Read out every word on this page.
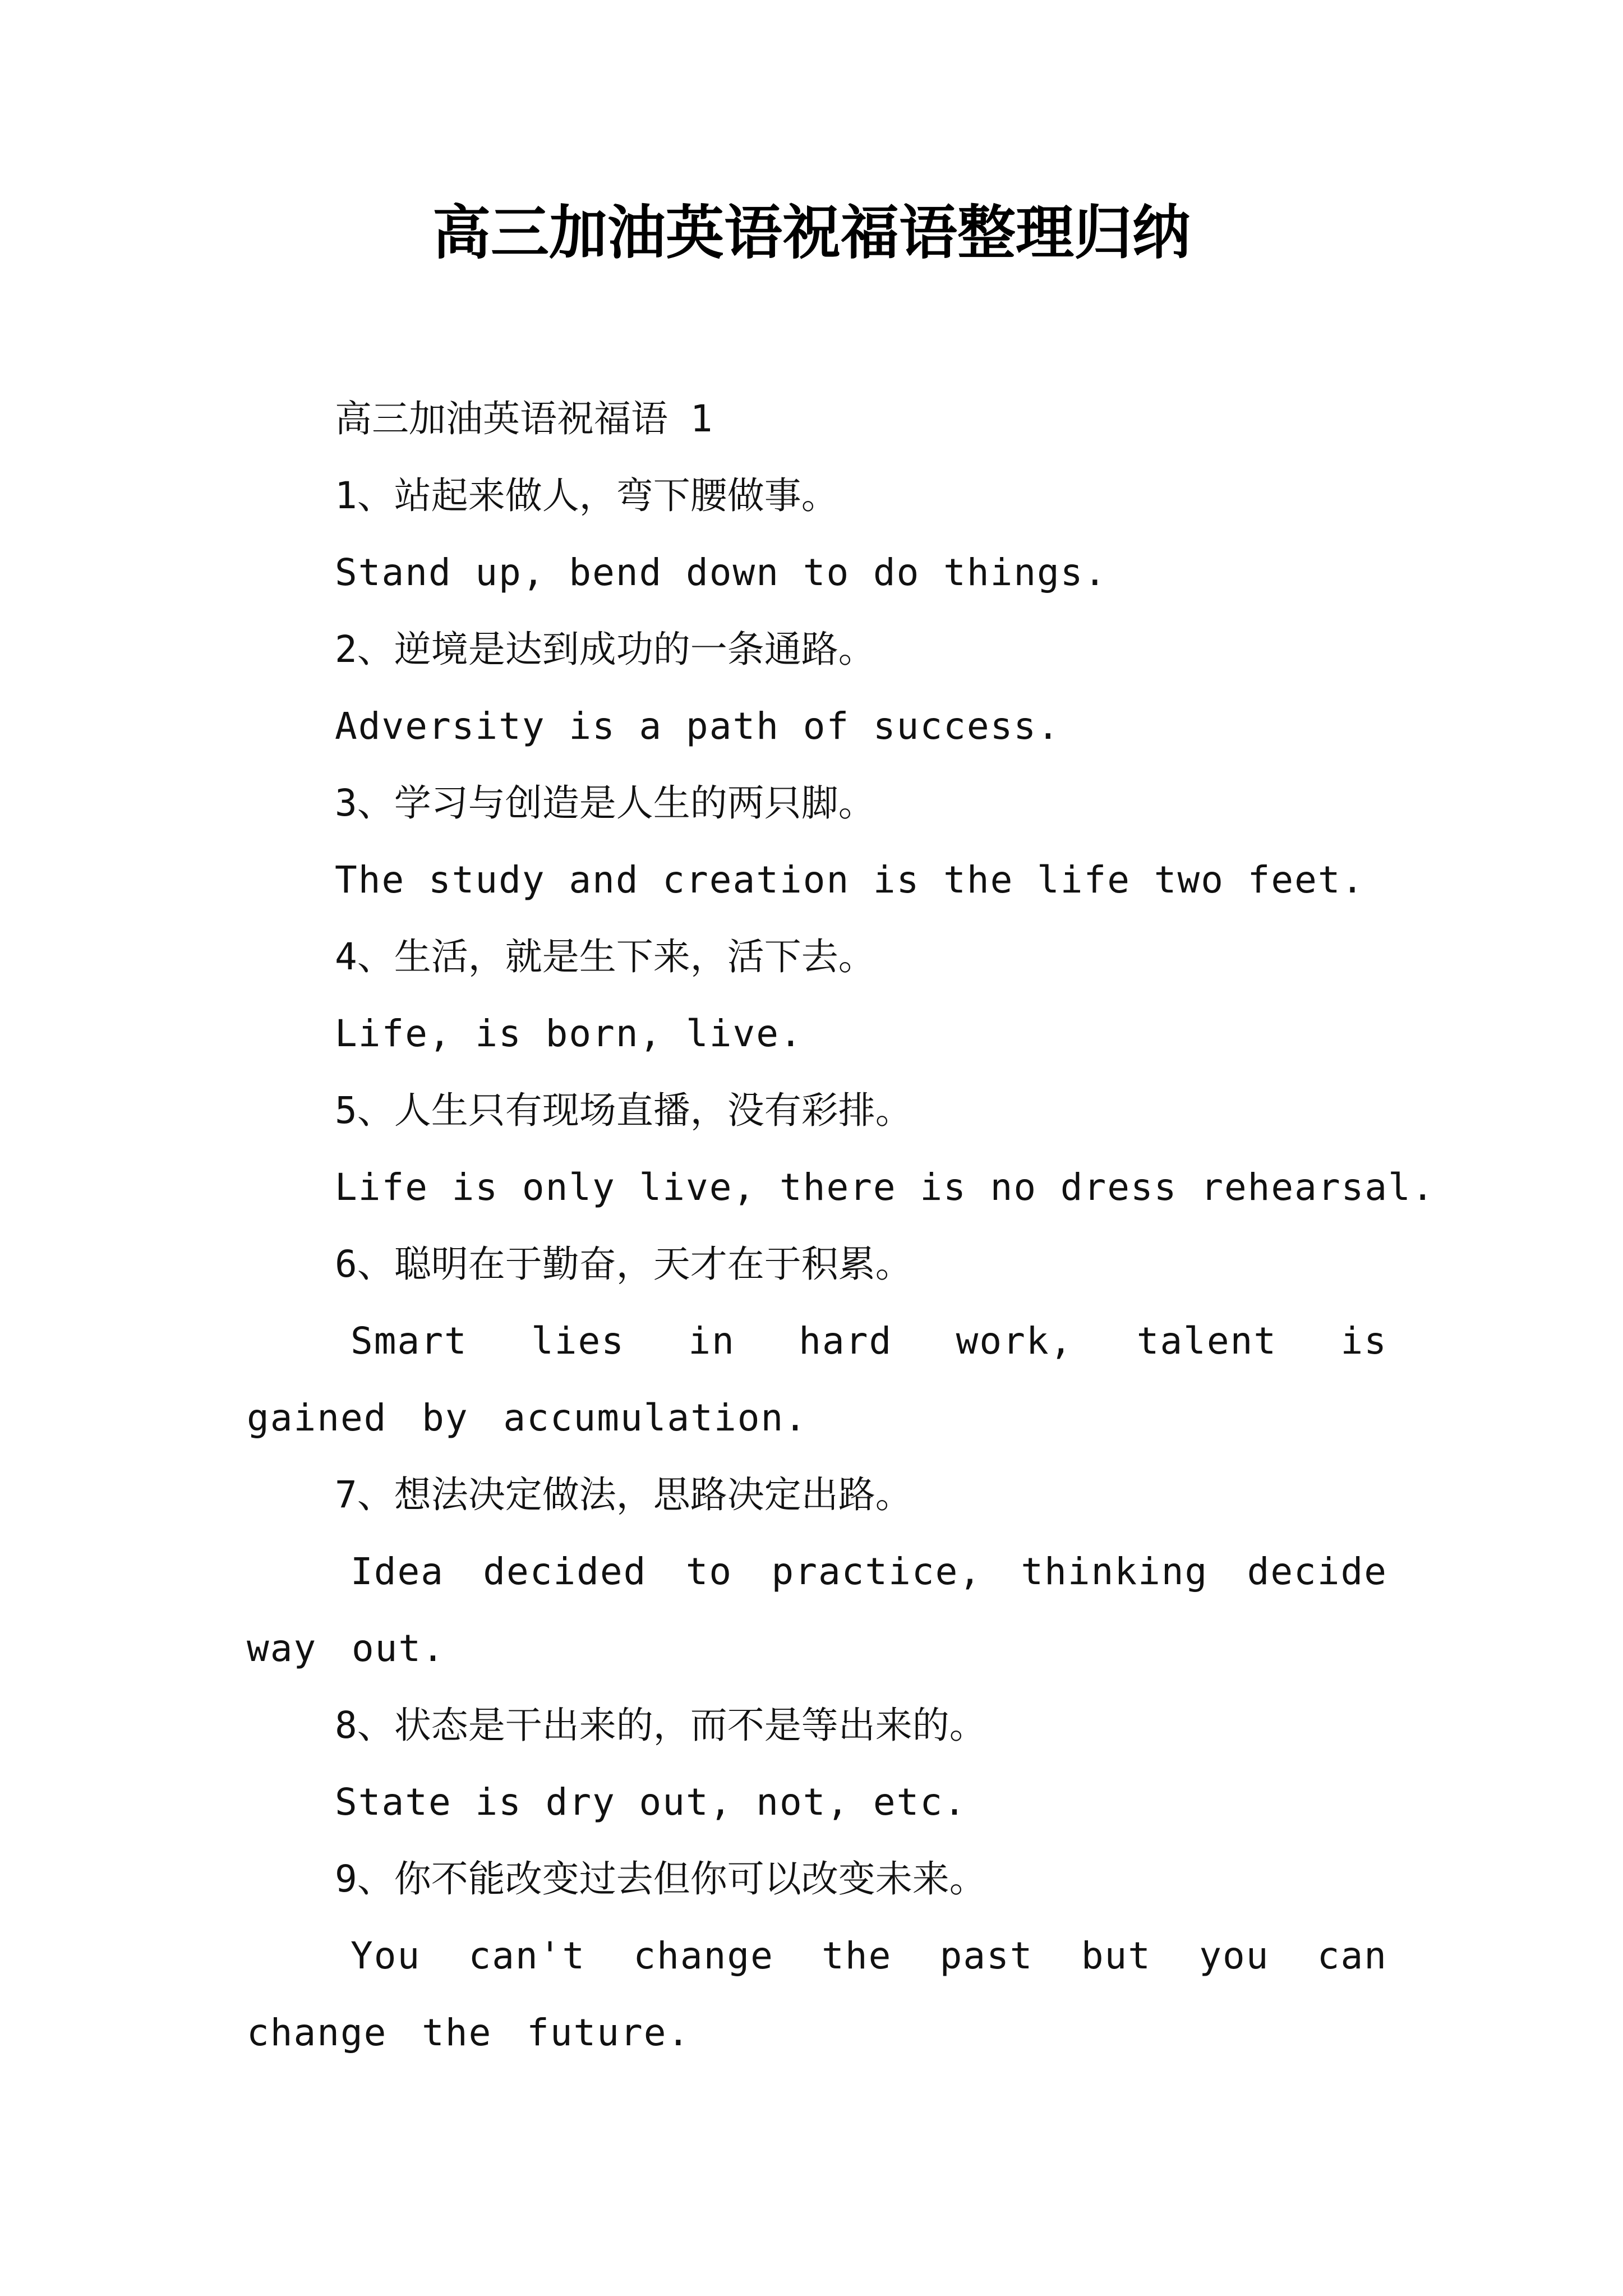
高三加油英语祝福语整理归纳

高三加油英语祝福语 1

1、站起来做人，弯下腰做事。

Stand up, bend down to do things.

2、逆境是达到成功的一条通路。

Adversity is a path of success.

3、学习与创造是人生的两只脚。

The study and creation is the life two feet.

4、生活，就是生下来，活下去。

Life, is born, live.

5、人生只有现场直播，没有彩排。

Life is only live, there is no dress rehearsal.

6、聪明在于勤奋，天才在于积累。

Smart lies in hard work, talent is gained by accumulation.

7、想法决定做法，思路决定出路。

Idea decided to practice, thinking decide way out.

8、状态是干出来的，而不是等出来的。

State is dry out, not, etc.

9、你不能改变过去但你可以改变未来。

You can't change the past but you can change the future.
